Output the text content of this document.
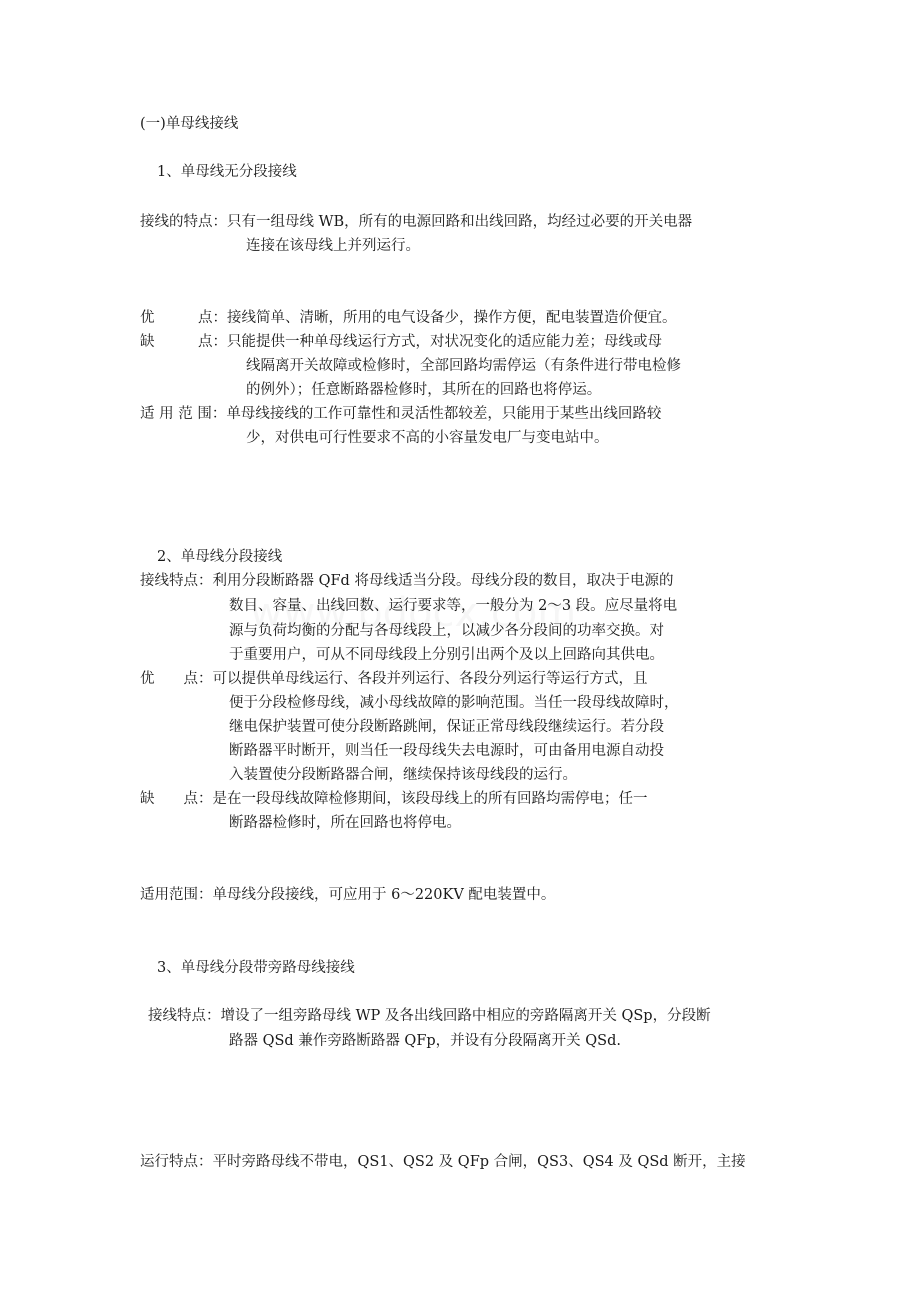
(一)单母线接线
1、单母线无分段接线
接线的特点：只有一组母线 WB，所有的电源回路和出线回路，均经过必要的开关电器
连接在该母线上并列运行。
优　　　点：接线简单、清晰，所用的电气设备少，操作方便，配电装置造价便宜。
缺　　　点：只能提供一种单母线运行方式，对状况变化的适应能力差；母线或母
线隔离开关故障或检修时，全部回路均需停运（有条件进行带电检修
的例外）；任意断路器检修时，其所在的回路也将停运。
适 用 范 围：单母线接线的工作可靠性和灵活性都较差，只能用于某些出线回路较
少，对供电可行性要求不高的小容量发电厂与变电站中。
2、单母线分段接线
接线特点：利用分段断路器 QFd 将母线适当分段。母线分段的数目，取决于电源的
数目、容量、出线回数、运行要求等，一般分为 2～3 段。应尽量将电
源与负荷均衡的分配与各母线段上，以减少各分段间的功率交换。对
于重要用户，可从不同母线段上分别引出两个及以上回路向其供电。
优　　点：可以提供单母线运行、各段并列运行、各段分列运行等运行方式，且
便于分段检修母线，减小母线故障的影响范围。当任一段母线故障时，
继电保护装置可使分段断路跳闸，保证正常母线段继续运行。若分段
断路器平时断开，则当任一段母线失去电源时，可由备用电源自动投
入装置使分段断路器合闸，继续保持该母线段的运行。
缺　　点：是在一段母线故障检修期间，该段母线上的所有回路均需停电；任一
断路器检修时，所在回路也将停电。
适用范围：单母线分段接线，可应用于 6～220KV 配电装置中。
3、单母线分段带旁路母线接线
接线特点：增设了一组旁路母线 WP 及各出线回路中相应的旁路隔离开关 QSp，分段断
路器 QSd 兼作旁路断路器 QFp，并设有分段隔离开关 QSd.
运行特点：平时旁路母线不带电，QS1、QS2 及 QFp 合闸，QS3、QS4 及 QSd 断开，主接
